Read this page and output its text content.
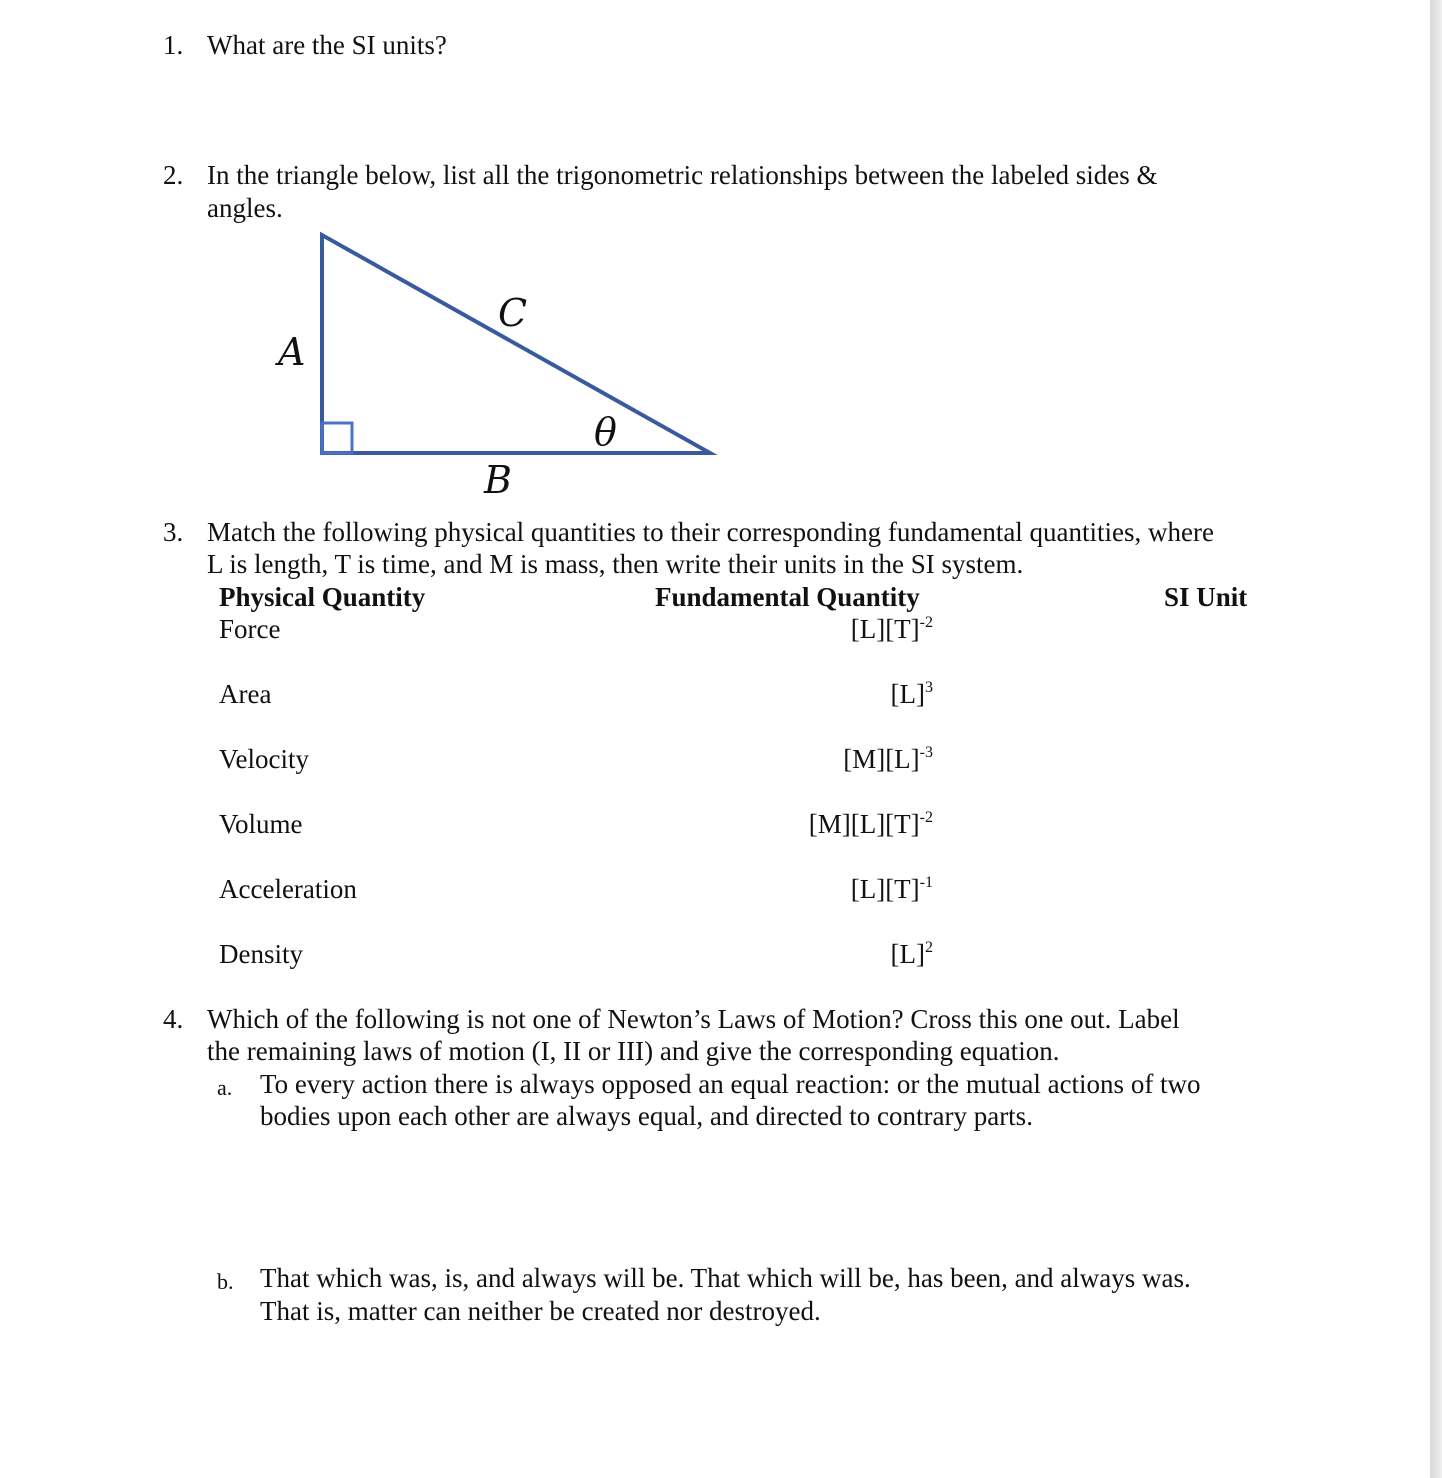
1. What are the SI units?
2. In the triangle below, list all the trigonometric relationships between the labeled sides &
angles.
A
C
θ
B
3. Match the following physical quantities to their corresponding fundamental quantities, where
L is length, T is time, and M is mass, then write their units in the SI system.
Physical Quantity	Fundamental Quantity	SI Unit
Force	$[L][T]^{-2}$
Area	$[L]^3$
Velocity	$[M][L]^{-3}$
Volume	$[M][L][T]^{-2}$
Acceleration	$[L][T]^{-1}$
Density	$[L]^2$
4. Which of the following is not one of Newton’s Laws of Motion? Cross this one out. Label
the remaining laws of motion (I, II or III) and give the corresponding equation.
a. To every action there is always opposed an equal reaction: or the mutual actions of two
bodies upon each other are always equal, and directed to contrary parts.
b. That which was, is, and always will be. That which will be, has been, and always was.
That is, matter can neither be created nor destroyed.
